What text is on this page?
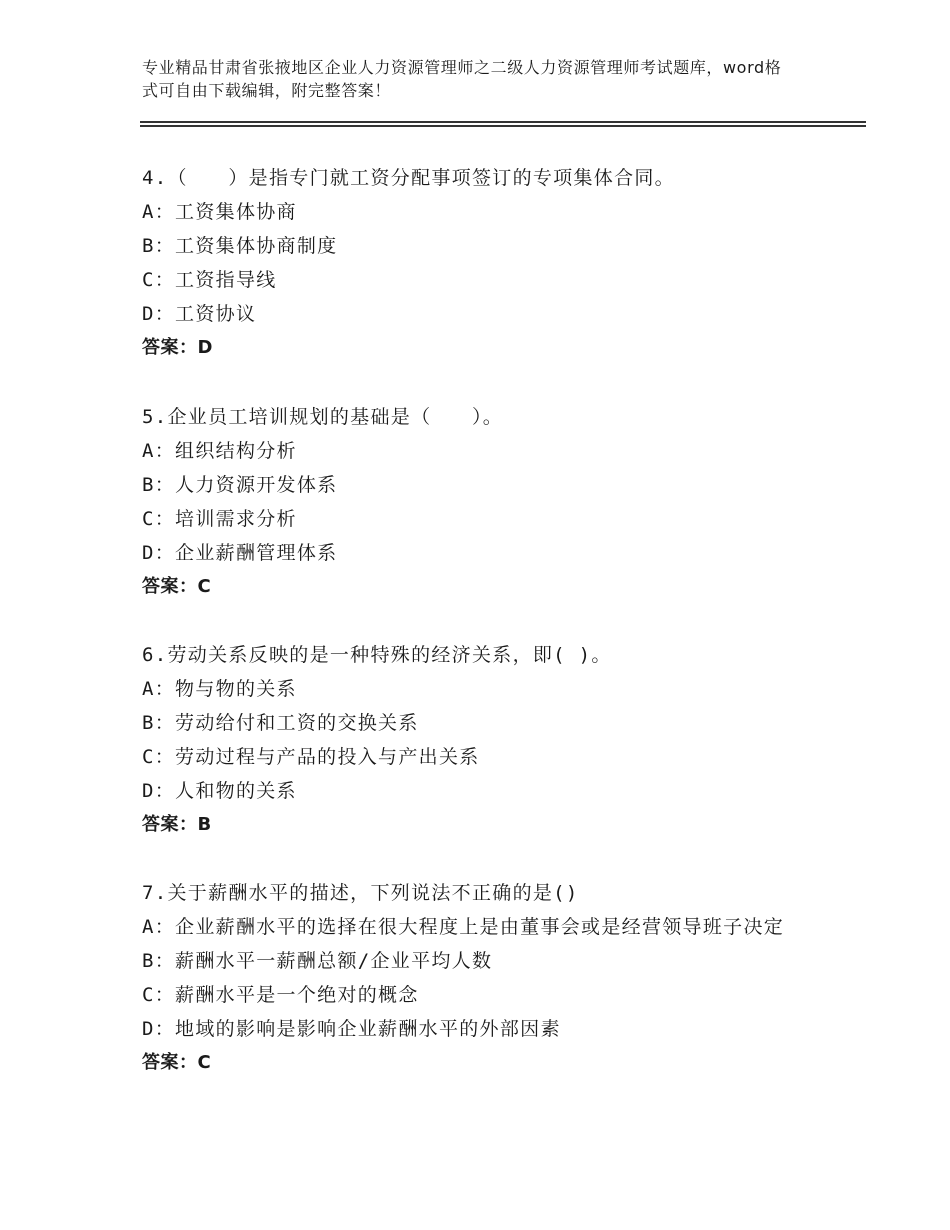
专业精品甘肃省张掖地区企业人力资源管理师之二级人力资源管理师考试题库，word格式可自由下载编辑，附完整答案！
4.（　　）是指专门就工资分配事项签订的专项集体合同。
A：工资集体协商
B：工资集体协商制度
C：工资指导线
D：工资协议
答案：D
5.企业员工培训规划的基础是（　　）。
A：组织结构分析
B：人力资源开发体系
C：培训需求分析
D：企业薪酬管理体系
答案：C
6.劳动关系反映的是一种特殊的经济关系，即( )。
A：物与物的关系
B：劳动给付和工资的交换关系
C：劳动过程与产品的投入与产出关系
D：人和物的关系
答案：B
7.关于薪酬水平的描述，下列说法不正确的是()
A：企业薪酬水平的选择在很大程度上是由董事会或是经营领导班子决定
B：薪酬水平一薪酬总额/企业平均人数
C：薪酬水平是一个绝对的概念
D：地域的影响是影响企业薪酬水平的外部因素
答案：C
